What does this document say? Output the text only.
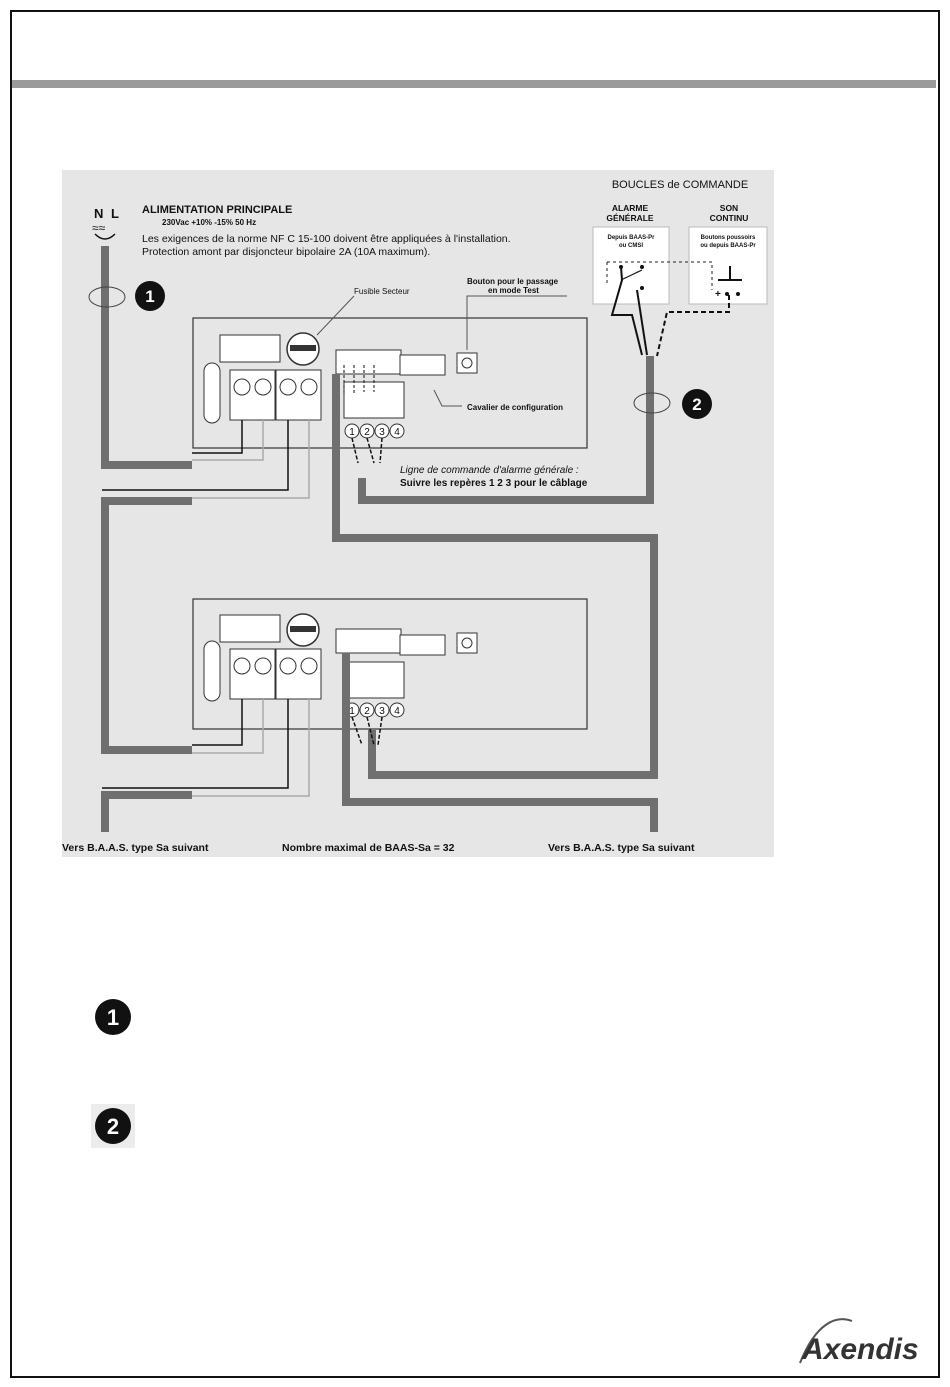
N L
≈≈
1
ALIMENTATION PRINCIPALE
230Vac +10% -15% 50 Hz
Les exigences de la norme NF C 15-100 doivent être appliquées à l'installation.
Protection amont par disjoncteur bipolaire 2A (10A maximum).
BOUCLES de COMMANDE
ALARME
GÉNÉRALE
SON
CONTINU
Depuis BAAS-Pr
ou CMSI
Boutons poussoirs
ou depuis BAAS-Pr
+
2
1 2 3 4
Fusible Secteur
Bouton pour le passage
en mode Test
Cavalier de configuration
Ligne de commande d'alarme générale :
Suivre les repères 1 2 3 pour le câblage
1 2 3 4
Vers B.A.A.S. type Sa suivant	Nombre maximal de BAAS-Sa = 32	Vers B.A.A.S. type Sa suivant
1
2
Axendis
